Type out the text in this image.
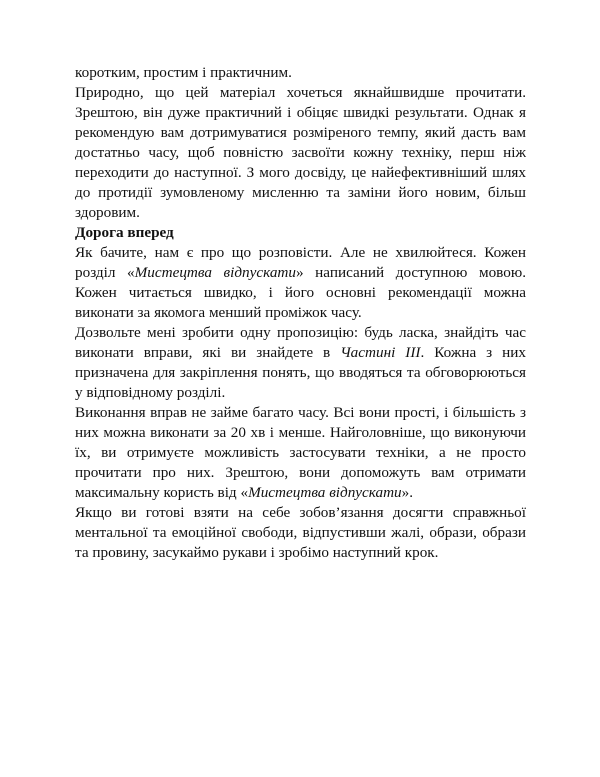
коротким, простим і практичним.

Природно, що цей матеріал хочеться якнайшвидше прочитати. Зрештою, він дуже практичний і обіцяє швидкі результати. Однак я рекомендую вам дотримуватися розміреного темпу, який дасть вам достатньо часу, щоб повністю засвоїти кожну техніку, перш ніж переходити до наступної. З мого досвіду, це найефективніший шлях до протидії зумовленому мисленню та заміни його новим, більш здоровим.

Дорога вперед

Як бачите, нам є про що розповісти. Але не хвилюйтеся. Кожен розділ «Мистецтва відпускати» написаний доступною мовою. Кожен читається швидко, і його основні рекомендації можна виконати за якомога менший проміжок часу.

Дозвольте мені зробити одну пропозицію: будь ласка, знайдіть час виконати вправи, які ви знайдете в Частині III. Кожна з них призначена для закріплення понять, що вводяться та обговорюються у відповідному розділі.

Виконання вправ не займе багато часу. Всі вони прості, і більшість з них можна виконати за 20 хв і менше. Найголовніше, що виконуючи їх, ви отримуєте можливість застосувати техніки, а не просто прочитати про них. Зрештою, вони допоможуть вам отримати максимальну користь від «Мистецтва відпускати».

Якщо ви готові взяти на себе зобов’язання досягти справжньої ментальної та емоційної свободи, відпустивши жалі, образи, образи та провину, засукаймо рукави і зробімо наступний крок.
